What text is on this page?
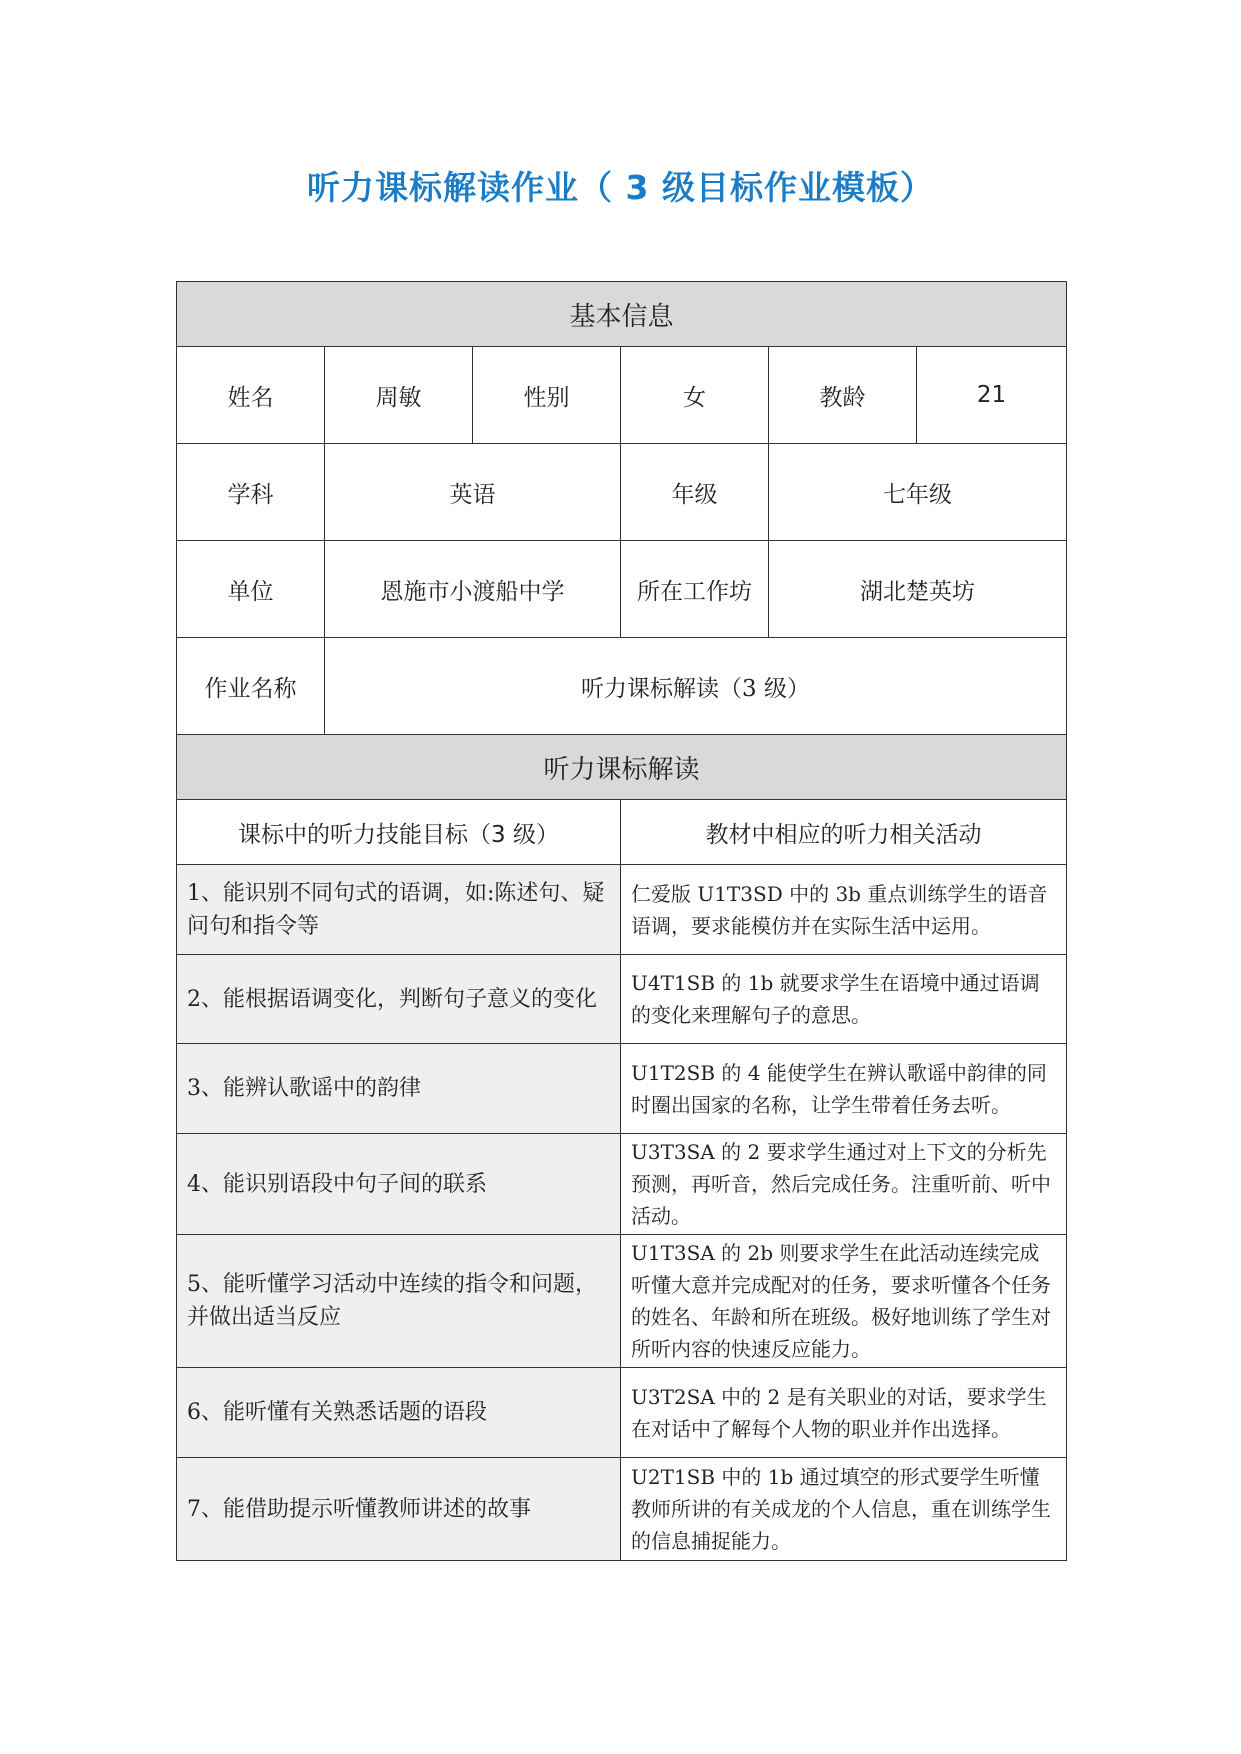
听力课标解读作业（ 3 级目标作业模板）
基本信息					
姓名	周敏	性别	女	教龄	21
学科	英语		年级	七年级	
单位	恩施市小渡船中学		所在工作坊	湖北楚英坊	
作业名称	听力课标解读（3 级）				
听力课标解读					
课标中的听力技能目标（3 级）			教材中相应的听力相关活动		
1、能识别不同句式的语调，如:陈述句、疑问句和指令等			仁爱版 U1T3SD 中的 3b 重点训练学生的语音语调，要求能模仿并在实际生活中运用。		
2、能根据语调变化，判断句子意义的变化			U4T1SB 的 1b 就要求学生在语境中通过语调的变化来理解句子的意思。		
3、能辨认歌谣中的韵律			U1T2SB 的 4 能使学生在辨认歌谣中韵律的同时圈出国家的名称，让学生带着任务去听。		
4、能识别语段中句子间的联系			U3T3SA 的 2 要求学生通过对上下文的分析先预测，再听音，然后完成任务。注重听前、听中活动。		
5、能听懂学习活动中连续的指令和问题，并做出适当反应			U1T3SA 的 2b 则要求学生在此活动连续完成听懂大意并完成配对的任务，要求听懂各个任务的姓名、年龄和所在班级。极好地训练了学生对所听内容的快速反应能力。		
6、能听懂有关熟悉话题的语段			U3T2SA 中的 2 是有关职业的对话，要求学生在对话中了解每个人物的职业并作出选择。		
7、能借助提示听懂教师讲述的故事			U2T1SB 中的 1b 通过填空的形式要学生听懂教师所讲的有关成龙的个人信息，重在训练学生的信息捕捉能力。		
